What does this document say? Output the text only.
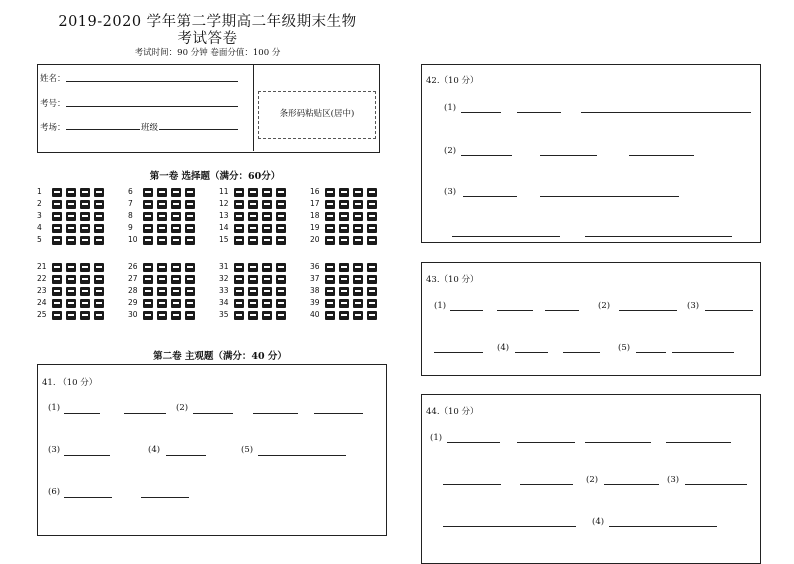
2019-2020 学年第二学期高二年级期末生物
考试答卷
考试时间：90 分钟 卷面分值：100 分
姓名：
考号：
考场：	班级
条形码粘贴区(居中)
第一卷 选择题（满分：60分）
1
2
3
4
5
6
7
8
9
10
11
12
13
14
15
16
17
18
19
20
21
22
23
24
25
26
27
28
29
30
31
32
33
34
35
36
37
38
39
40
第二卷 主观题（满分：40 分）
41. （10 分）
(1)	(2)
(3)	(4)	(5)
(6)
42.（10 分）
(1)
(2)
(3)
43.（10 分）
(1)	(2)	(3)
(4)	(5)
44.（10 分）
(1)
(2)	(3)
(4)
